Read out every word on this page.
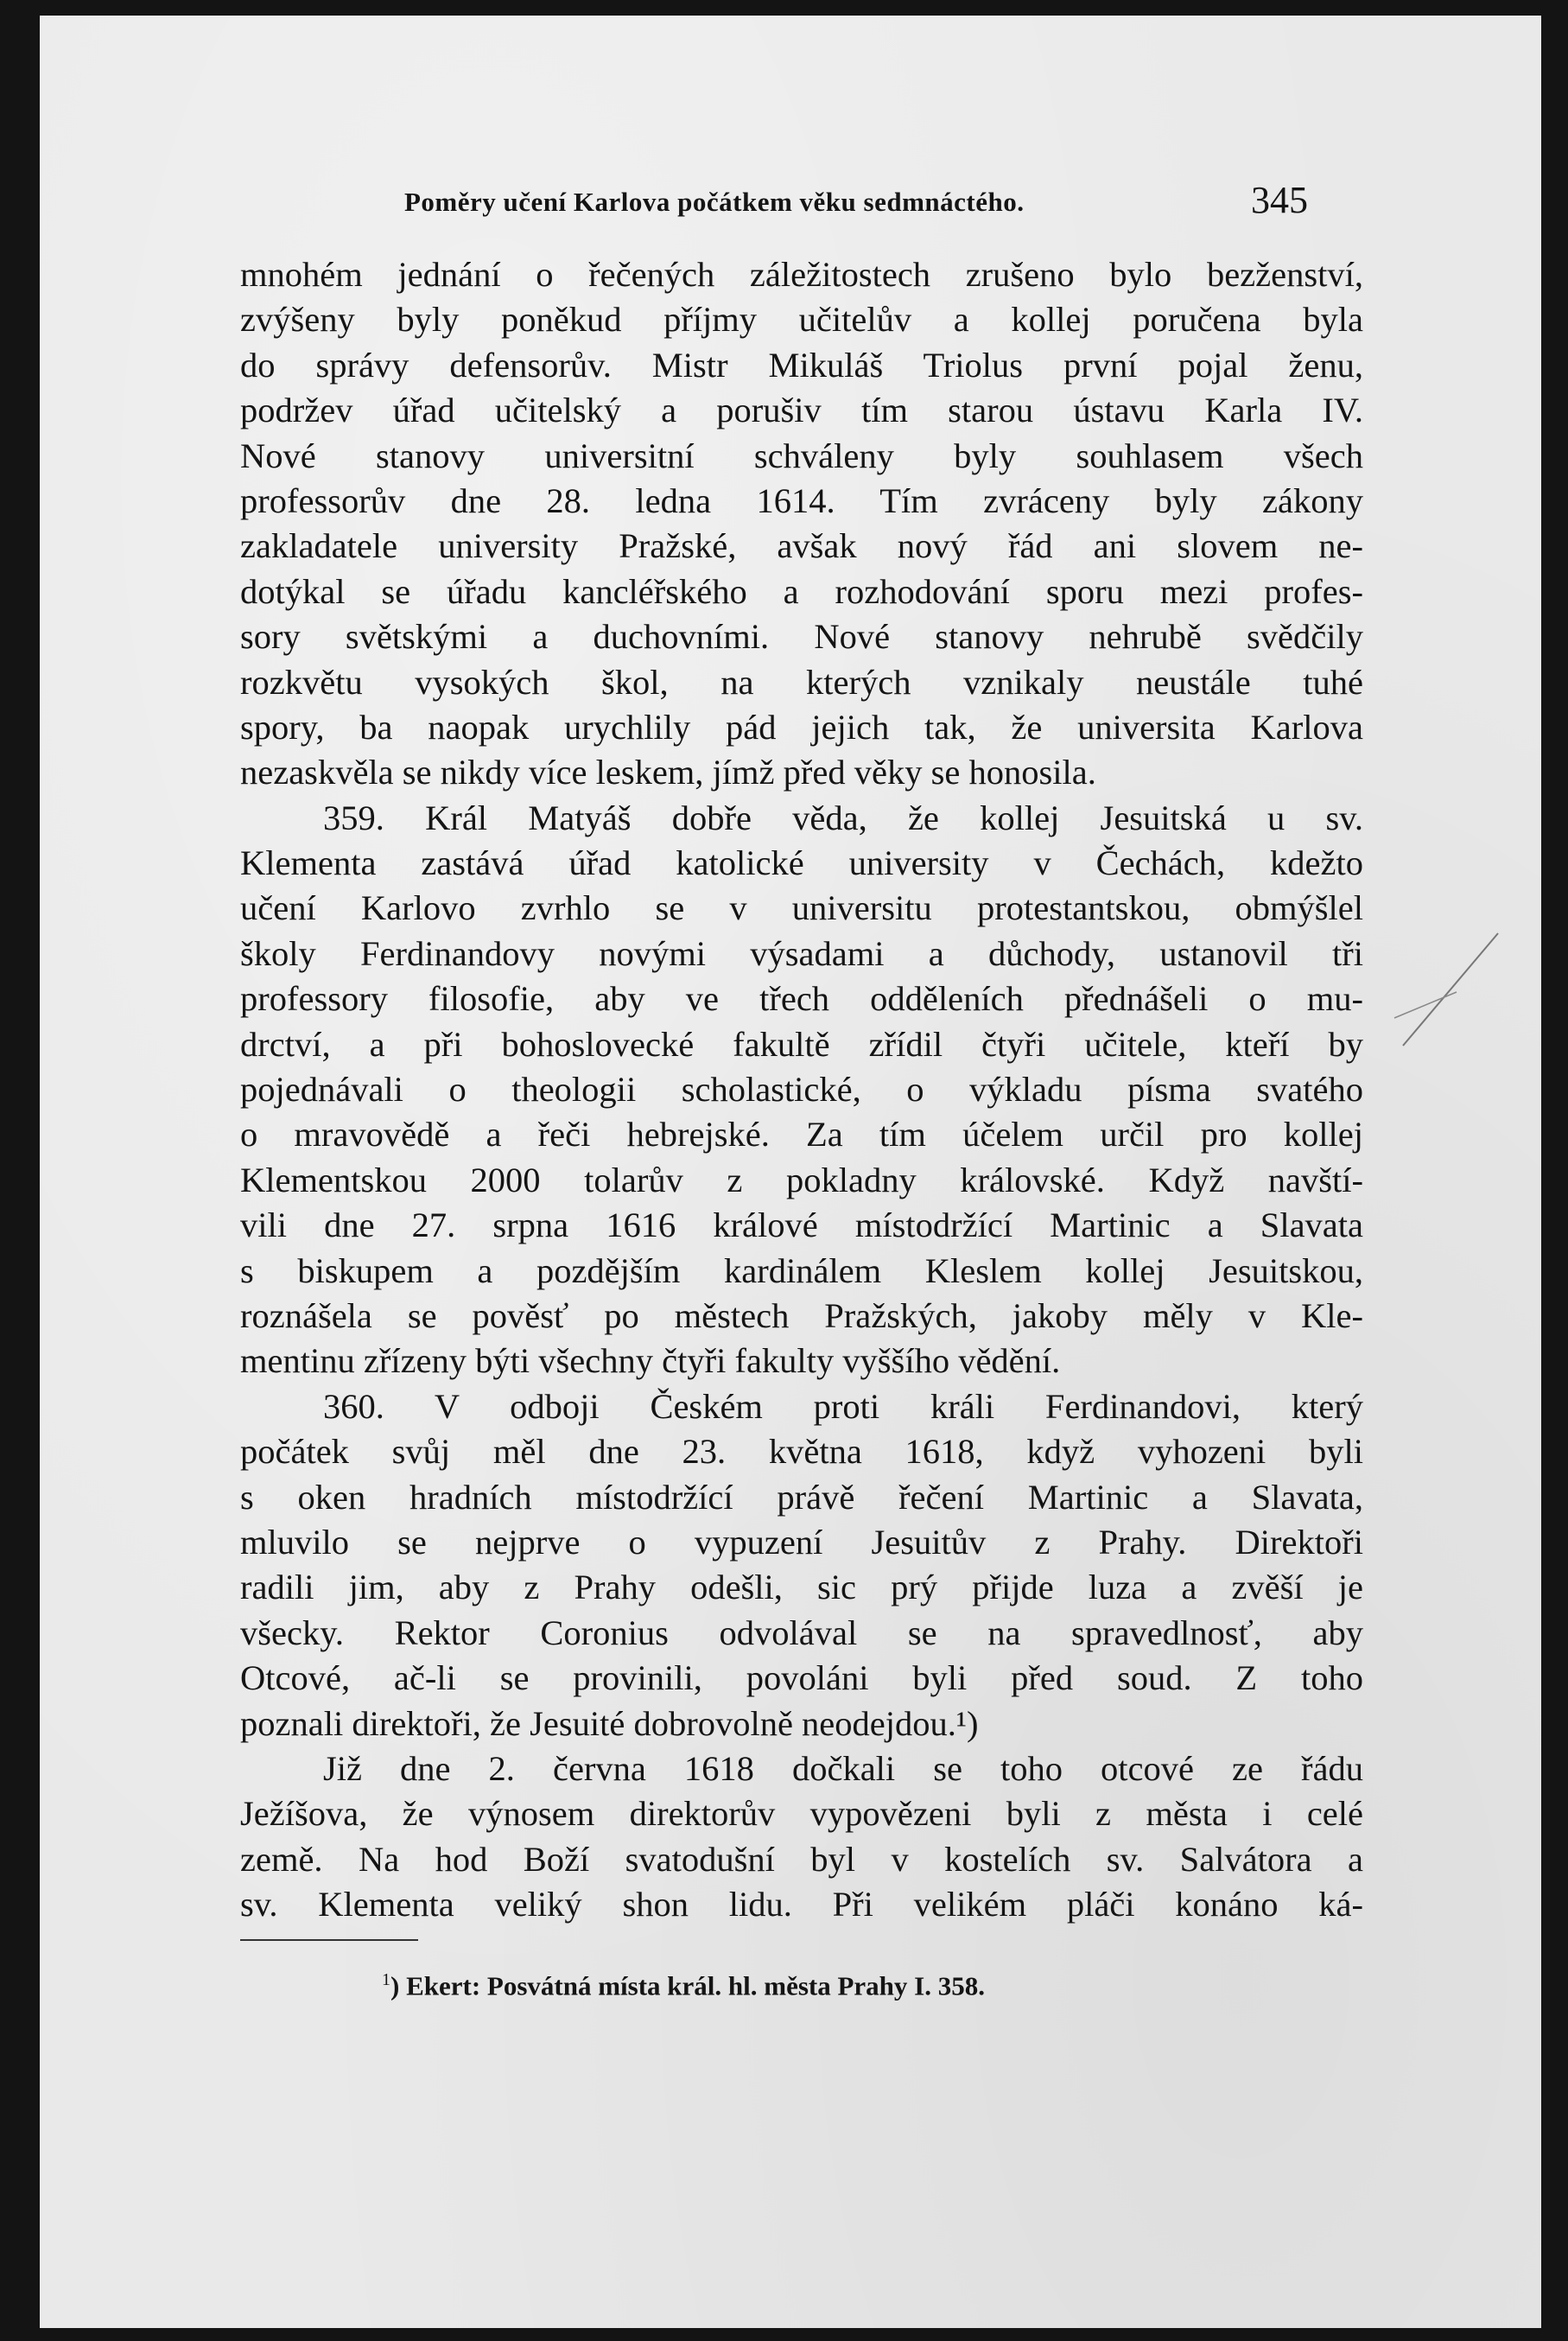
Poměry učení Karlova počátkem věku sedmnáctého.	345
mnohém jednání o řečených záležitostech zrušeno bylo bezženství,
zvýšeny byly poněkud příjmy učitelův a kollej poručena byla
do správy defensorův. Mistr Mikuláš Triolus první pojal ženu,
podržev úřad učitelský a porušiv tím starou ústavu Karla IV.
Nové stanovy universitní schváleny byly souhlasem všech
professorův dne 28. ledna 1614. Tím zvráceny byly zákony
zakladatele university Pražské, avšak nový řád ani slovem ne-
dotýkal se úřadu kancléřského a rozhodování sporu mezi profes-
sory světskými a duchovními. Nové stanovy nehrubě svědčily
rozkvětu vysokých škol, na kterých vznikaly neustále tuhé
spory, ba naopak urychlily pád jejich tak, že universita Karlova
nezaskvěla se nikdy více leskem, jímž před věky se honosila.
359. Král Matyáš dobře věda, že kollej Jesuitská u sv.
Klementa zastává úřad katolické university v Čechách, kdežto
učení Karlovo zvrhlo se v universitu protestantskou, obmýšlel
školy Ferdinandovy novými výsadami a důchody, ustanovil tři
professory filosofie, aby ve třech odděleních přednášeli o mu-
drctví, a při bohoslovecké fakultě zřídil čtyři učitele, kteří by
pojednávali o theologii scholastické, o výkladu písma svatého
o mravovědě a řeči hebrejské. Za tím účelem určil pro kollej
Klementskou 2000 tolarův z pokladny královské. Když navští-
vili dne 27. srpna 1616 králové místodržící Martinic a Slavata
s biskupem a pozdějším kardinálem Kleslem kollej Jesuitskou,
roznášela se pověsť po městech Pražských, jakoby měly v Kle-
mentinu zřízeny býti všechny čtyři fakulty vyššího vědění.
360. V odboji Českém proti králi Ferdinandovi, který
počátek svůj měl dne 23. května 1618, když vyhozeni byli
s oken hradních místodržící právě řečení Martinic a Slavata,
mluvilo se nejprve o vypuzení Jesuitův z Prahy. Direktoři
radili jim, aby z Prahy odešli, sic prý přijde luza a zvěší je
všecky. Rektor Coronius odvolával se na spravedlnosť, aby
Otcové, ač-li se provinili, povoláni byli před soud. Z toho
poznali direktoři, že Jesuité dobrovolně neodejdou.¹)
Již dne 2. června 1618 dočkali se toho otcové ze řádu
Ježíšova, že výnosem direktorův vypovězeni byli z města i celé
země. Na hod Boží svatodušní byl v kostelích sv. Salvátora a
sv. Klementa veliký shon lidu. Při velikém pláči konáno ká-
$^1$) Ekert: Posvátná místa král. hl. města Prahy I. 358.
